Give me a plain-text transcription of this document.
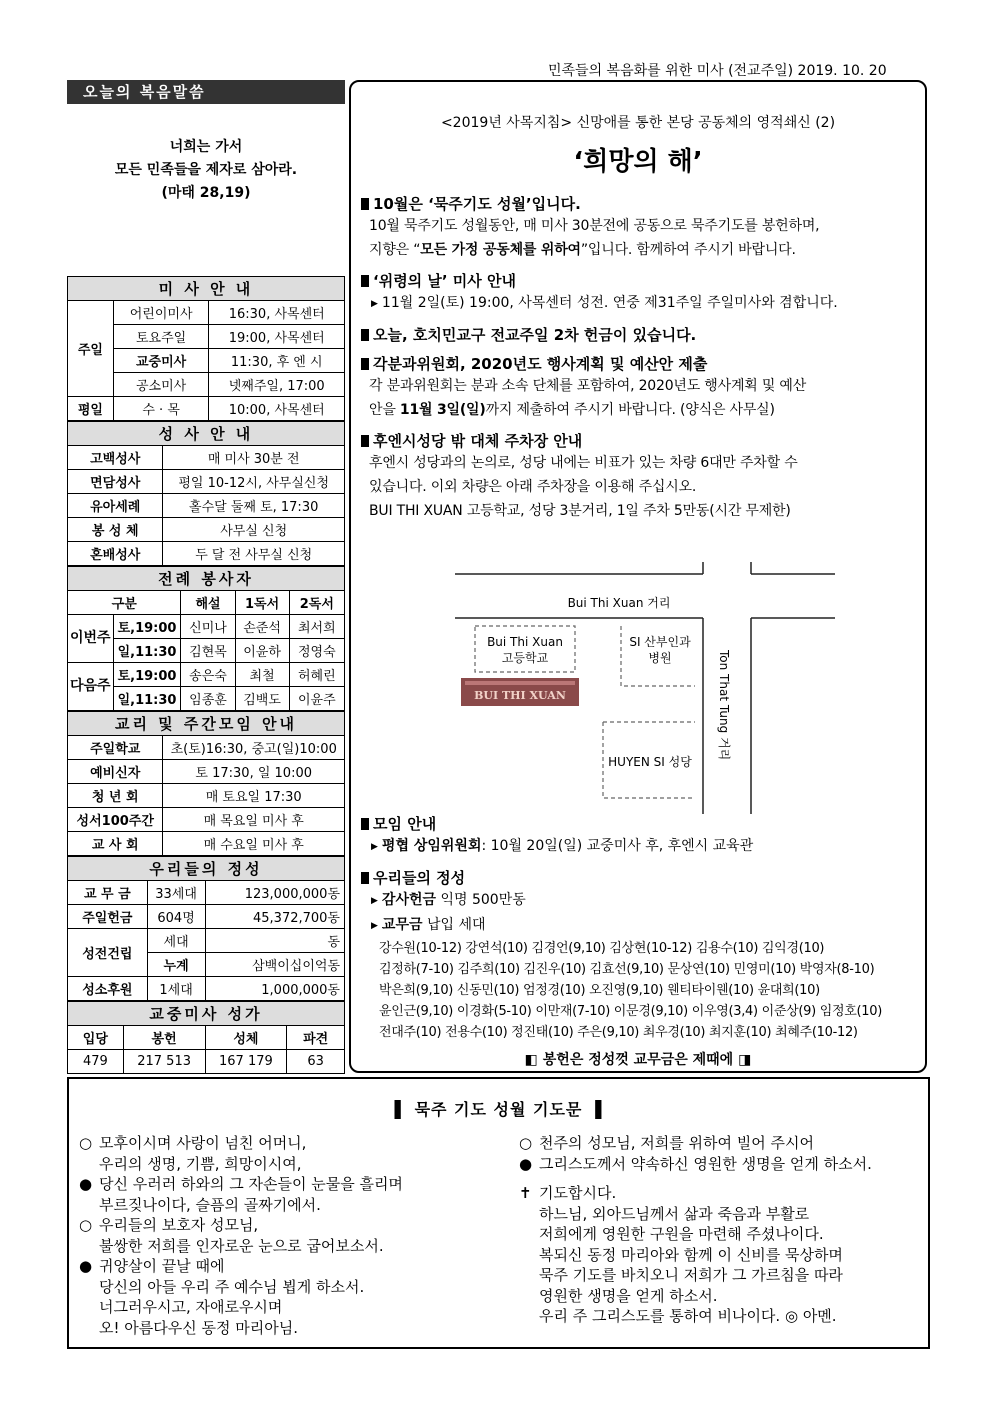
민족들의 복음화를 위한 미사 (전교주일) 2019. 10. 20
오늘의 복음말씀
너희는 가서
모든 민족들을 제자로 삼아라.
(마태 28,19)
미 사 안 내		
주일	어린이미사	16:30, 사목센터
	토요주일	19:00, 사목센터
	교중미사	11:30, 후 엔 시
	공소미사	넷째주일, 17:00
평일	수 · 목	10:00, 사목센터
성 사 안 내	
고백성사	매 미사 30분 전
면담성사	평일 10-12시, 사무실신청
유아세례	홀수달 둘째 토, 17:30
봉 성 체	사무실 신청
혼배성사	두 달 전 사무실 신청
전례 봉사자				
구분		해설	1독서	2독서
이번주	토,19:00	신미나	손준석	최서희
	일,11:30	김현목	이윤하	정영숙
다음주	토,19:00	송은숙	최철	허혜린
	일,11:30	임종훈	김백도	이윤주
교리 및 주간모임 안내	
주일학교	초(토)16:30, 중고(일)10:00
예비신자	토 17:30, 일 10:00
청 년 회	매 토요일 17:30
성서100주간	매 목요일 미사 후
교 사 회	매 수요일 미사 후
우리들의 정성		
교 무 금	33세대	123,000,000동
주일헌금	604명	45,372,700동
성전건립	세대	동
	누계	삼백이십이억동
성소후원	1세대	1,000,000동
교중미사 성가			
입당	봉헌	성체	파견
479	217 513	167 179	63
<2019년 사목지침> 신망애를 통한 본당 공동체의 영적쇄신 (2)
‘희망의 해’
10월은 ‘묵주기도 성월’입니다.
10월 묵주기도 성월동안, 매 미사 30분전에 공동으로 묵주기도를 봉헌하며,
지향은 “모든 가정 공동체를 위하여”입니다. 함께하여 주시기 바랍니다.
‘위령의 날’ 미사 안내
▶ 11월 2일(토) 19:00, 사목센터 성전. 연중 제31주일 주일미사와 겸합니다.
오늘, 호치민교구 전교주일 2차 헌금이 있습니다.
각분과위원회, 2020년도 행사계획 및 예산안 제출
각 분과위원회는 분과 소속 단체를 포함하여, 2020년도 행사계획 및 예산
안을 11월 3일(일)까지 제출하여 주시기 바랍니다. (양식은 사무실)
후엔시성당 밖 대체 주차장 안내
후엔시 성당과의 논의로, 성당 내에는 비표가 있는 차량 6대만 주차할 수
있습니다. 이외 차량은 아래 주차장을 이용해 주십시오.
BUI THI XUAN 고등학교, 성당 3분거리, 1일 주차 5만동(시간 무제한)
Bui Thi Xuan 거리
Ton That Tung 거리
Bui Thi Xuan
고등학교
SI 산부인과
병원
HUYEN SI 성당
BUI THI XUAN
모임 안내
▶ 평협 상임위원회: 10월 20일(일) 교중미사 후, 후엔시 교육관
우리들의 정성
▶ 감사헌금 익명 500만동
▶ 교무금 납입 세대
강수원(10-12) 강연석(10) 김경언(9,10) 김상현(10-12) 김용수(10) 김익경(10)
김정하(7-10) 김주희(10) 김진우(10) 김효선(9,10) 문상연(10) 민영미(10) 박영자(8-10)
박은희(9,10) 신동민(10) 엄정경(10) 오진영(9,10) 웬티타이웬(10) 윤대희(10)
윤인근(9,10) 이경화(5-10) 이만재(7-10) 이문경(9,10) 이우영(3,4) 이준상(9) 임정호(10)
전대주(10) 전용수(10) 정진태(10) 주은(9,10) 최우경(10) 최지훈(10) 최혜주(10-12)
◧ 봉헌은 정성껏 교무금은 제때에 ◨
▌ 묵주 기도 성월 기도문 ▐
○ 모후이시며 사랑이 넘친 어머니,
우리의 생명, 기쁨, 희망이시여,
● 당신 우러러 하와의 그 자손들이 눈물을 흘리며
부르짖나이다, 슬픔의 골짜기에서.
○ 우리들의 보호자 성모님,
불쌍한 저희를 인자로운 눈으로 굽어보소서.
● 귀양살이 끝날 때에
당신의 아들 우리 주 예수님 뵙게 하소서.
너그러우시고, 자애로우시며
오! 아름다우신 동정 마리아님.
○ 천주의 성모님, 저희를 위하여 빌어 주시어
● 그리스도께서 약속하신 영원한 생명을 얻게 하소서.
✝ 기도합시다.
하느님, 외아드님께서 삶과 죽음과 부활로
저희에게 영원한 구원을 마련해 주셨나이다.
복되신 동정 마리아와 함께 이 신비를 묵상하며
묵주 기도를 바치오니 저희가 그 가르침을 따라
영원한 생명을 얻게 하소서.
우리 주 그리스도를 통하여 비나이다. ◎ 아멘.
